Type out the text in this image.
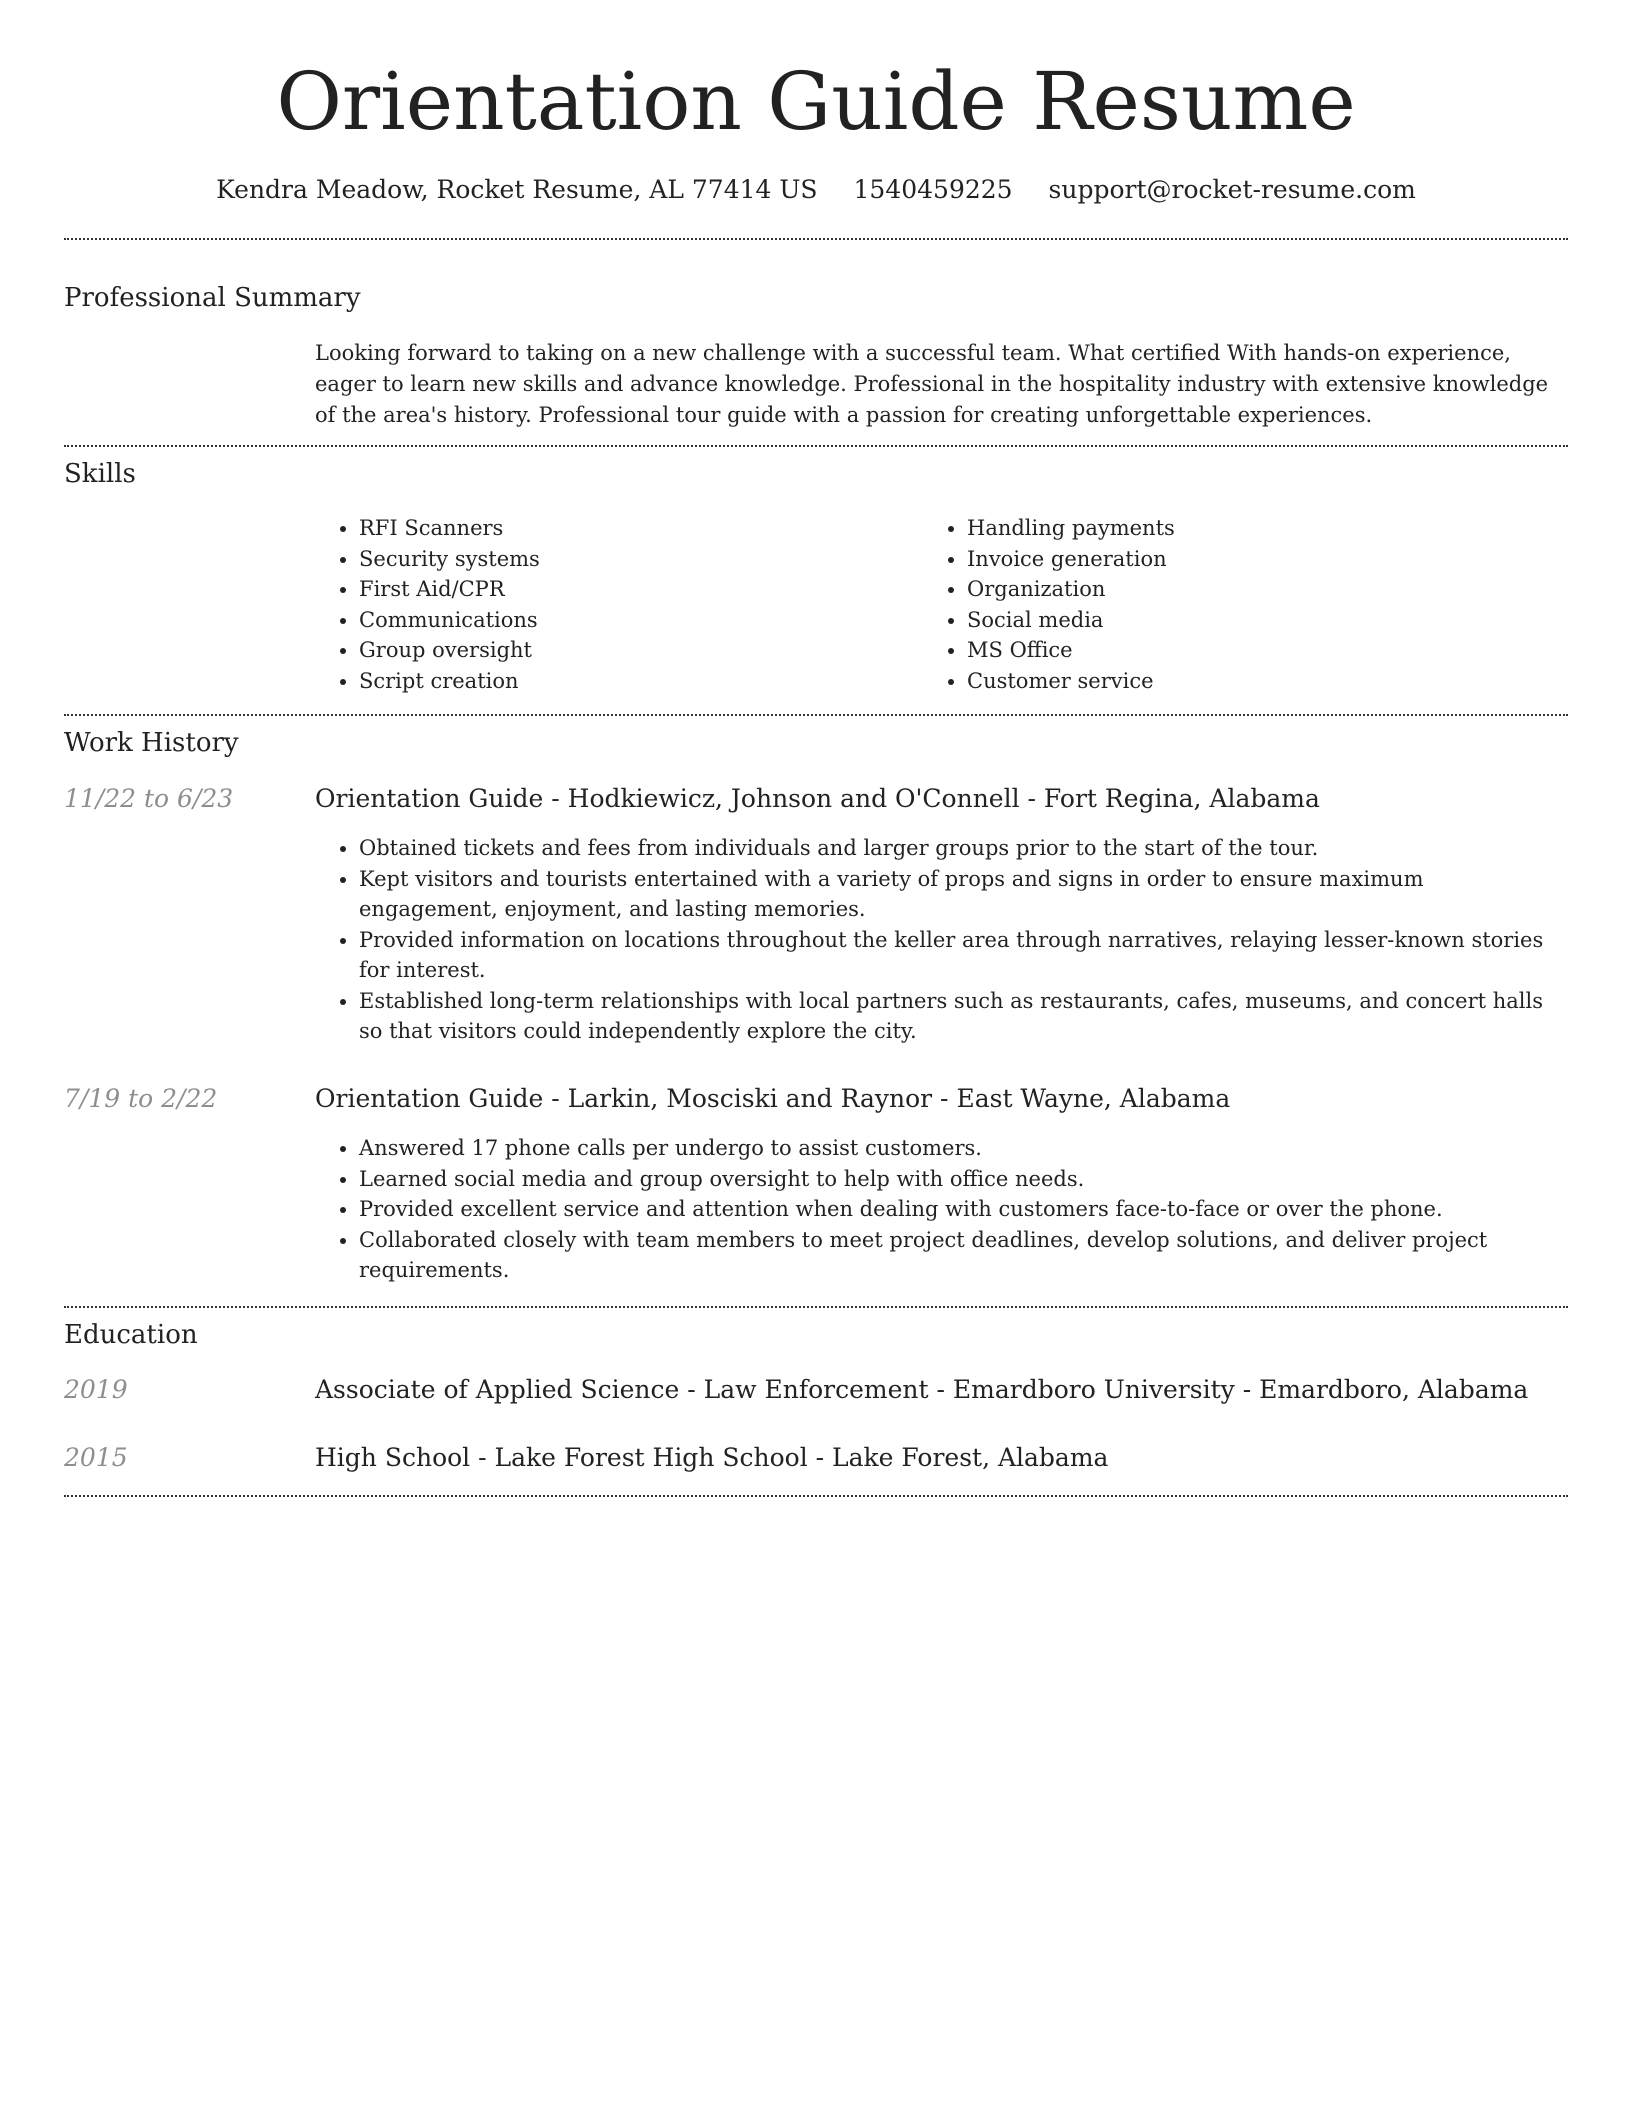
Orientation Guide Resume
Kendra Meadow, Rocket Resume, AL 77414 US 1540459225 support@rocket-resume.com
Professional Summary

Looking forward to taking on a new challenge with a successful team. What certified With hands-on experience, eager to learn new skills and advance knowledge. Professional in the hospitality industry with extensive knowledge of the area's history. Professional tour guide with a passion for creating unforgettable experiences.

Skills
• RFI Scanners
• Security systems
• First Aid/CPR
• Communications
• Group oversight
• Script creation
• Handling payments
• Invoice generation
• Organization
• Social media
• MS Office
• Customer service
Work History
11/22 to 6/23	Orientation Guide - Hodkiewicz, Johnson and O'Connell - Fort Regina, Alabama
• Obtained tickets and fees from individuals and larger groups prior to the start of the tour.
• Kept visitors and tourists entertained with a variety of props and signs in order to ensure maximum engagement, enjoyment, and lasting memories.
• Provided information on locations throughout the keller area through narratives, relaying lesser-known stories for interest.
• Established long-term relationships with local partners such as restaurants, cafes, museums, and concert halls so that visitors could independently explore the city.
7/19 to 2/22	Orientation Guide - Larkin, Mosciski and Raynor - East Wayne, Alabama
• Answered 17 phone calls per undergo to assist customers.
• Learned social media and group oversight to help with office needs.
• Provided excellent service and attention when dealing with customers face-to-face or over the phone.
• Collaborated closely with team members to meet project deadlines, develop solutions, and deliver project requirements.
Education
2019	Associate of Applied Science - Law Enforcement - Emardboro University - Emardboro, Alabama
2015	High School - Lake Forest High School - Lake Forest, Alabama
